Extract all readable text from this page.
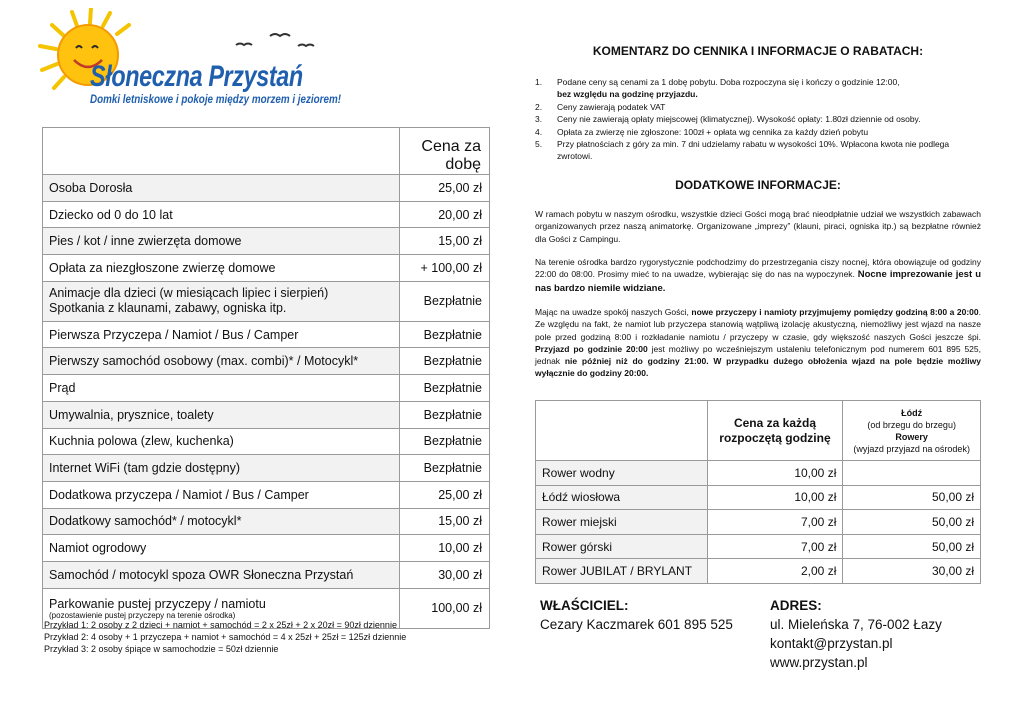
Słoneczna Przystań
Domki letniskowe i pokoje między morzem i jeziorem!
	Cena za dobę
Osoba Dorosła	25,00 zł
Dziecko od 0 do 10 lat	20,00 zł
Pies / kot / inne zwierzęta domowe	15,00 zł
Opłata za niezgłoszone zwierzę domowe	+ 100,00 zł
Animacje dla dzieci (w miesiącach lipiec i sierpień)
Spotkania z klaunami, zabawy, ogniska itp.	Bezpłatnie
Pierwsza Przyczepa / Namiot / Bus / Camper	Bezpłatnie
Pierwszy samochód osobowy (max. combi)* / Motocykl*	Bezpłatnie
Prąd	Bezpłatnie
Umywalnia, prysznice, toalety	Bezpłatnie
Kuchnia polowa (zlew, kuchenka)	Bezpłatnie
Internet WiFi (tam gdzie dostępny)	Bezpłatnie
Dodatkowa przyczepa / Namiot / Bus / Camper	25,00 zł
Dodatkowy samochód* / motocykl*	15,00 zł
Namiot ogrodowy	10,00 zł
Samochód / motocykl spoza OWR Słoneczna Przystań	30,00 zł
Parkowanie pustej przyczepy / namiotu
(pozostawienie pustej przyczepy na terenie ośrodka)	100,00 zł
Przykład 1: 2 osoby z 2 dzieci + namiot + samochód = 2 x 25zł + 2 x 20zł = 90zł dziennie
Przykład 2: 4 osoby + 1 przyczepa + namiot + samochód = 4 x 25zł + 25zł = 125zł dziennie
Przykład 3: 2 osoby śpiące w samochodzie = 50zł dziennie
KOMENTARZ DO CENNIKA I INFORMACJE O RABATACH:
1.	Podane ceny są cenami za 1 dobę pobytu. Doba rozpoczyna się i kończy o godzinie 12:00,
bez względu na godzinę przyjazdu.
2.	Ceny zawierają podatek VAT
3.	Ceny nie zawierają opłaty miejscowej (klimatycznej). Wysokość opłaty: 1.80zł dziennie od osoby.
4.	Opłata za zwierzę nie zgłoszone: 100zł + opłata wg cennika za każdy dzień pobytu
5.	Przy płatnościach z góry za min. 7 dni udzielamy rabatu w wysokości 10%. Wpłacona kwota nie podlega zwrotowi.
DODATKOWE INFORMACJE:
W ramach pobytu w naszym ośrodku, wszystkie dzieci Gości mogą brać nieodpłatnie udział we wszystkich zabawach organizowanych przez naszą animatorkę. Organizowane „imprezy” (klauni, piraci, ogniska itp.) są bezpłatne również dla Gości z Campingu.
Na terenie ośrodka bardzo rygorystycznie podchodzimy do przestrzegania ciszy nocnej, która obowiązuje od godziny 22:00 do 08:00. Prosimy mieć to na uwadze, wybierając się do nas na wypoczynek. Nocne imprezowanie jest u nas bardzo niemile widziane.
Mając na uwadze spokój naszych Gości, nowe przyczepy i namioty przyjmujemy pomiędzy godziną 8:00 a 20:00. Ze względu na fakt, że namiot lub przyczepa stanowią wątpliwą izolację akustyczną, niemożliwy jest wjazd na nasze pole przed godziną 8:00 i rozkładanie namiotu / przyczepy w czasie, gdy większość naszych Gości jeszcze śpi. Przyjazd po godzinie 20:00 jest możliwy po wcześniejszym ustaleniu telefonicznym pod numerem 601 895 525, jednak nie później niż do godziny 21:00. W przypadku dużego obłożenia wjazd na pole będzie możliwy wyłącznie do godziny 20:00.
	Cena za każdą rozpoczętą godzinę	Łódź
(od brzegu do brzegu)
Rowery
(wyjazd przyjazd na ośrodek)
Rower wodny	10,00 zł	
Łódź wiosłowa	10,00 zł	50,00 zł
Rower miejski	7,00 zł	50,00 zł
Rower górski	7,00 zł	50,00 zł
Rower JUBILAT / BRYLANT	2,00 zł	30,00 zł
WŁAŚCICIEL:
Cezary Kaczmarek 601 895 525
ADRES:
ul. Mieleńska 7, 76-002 Łazy
kontakt@przystan.pl
www.przystan.pl
